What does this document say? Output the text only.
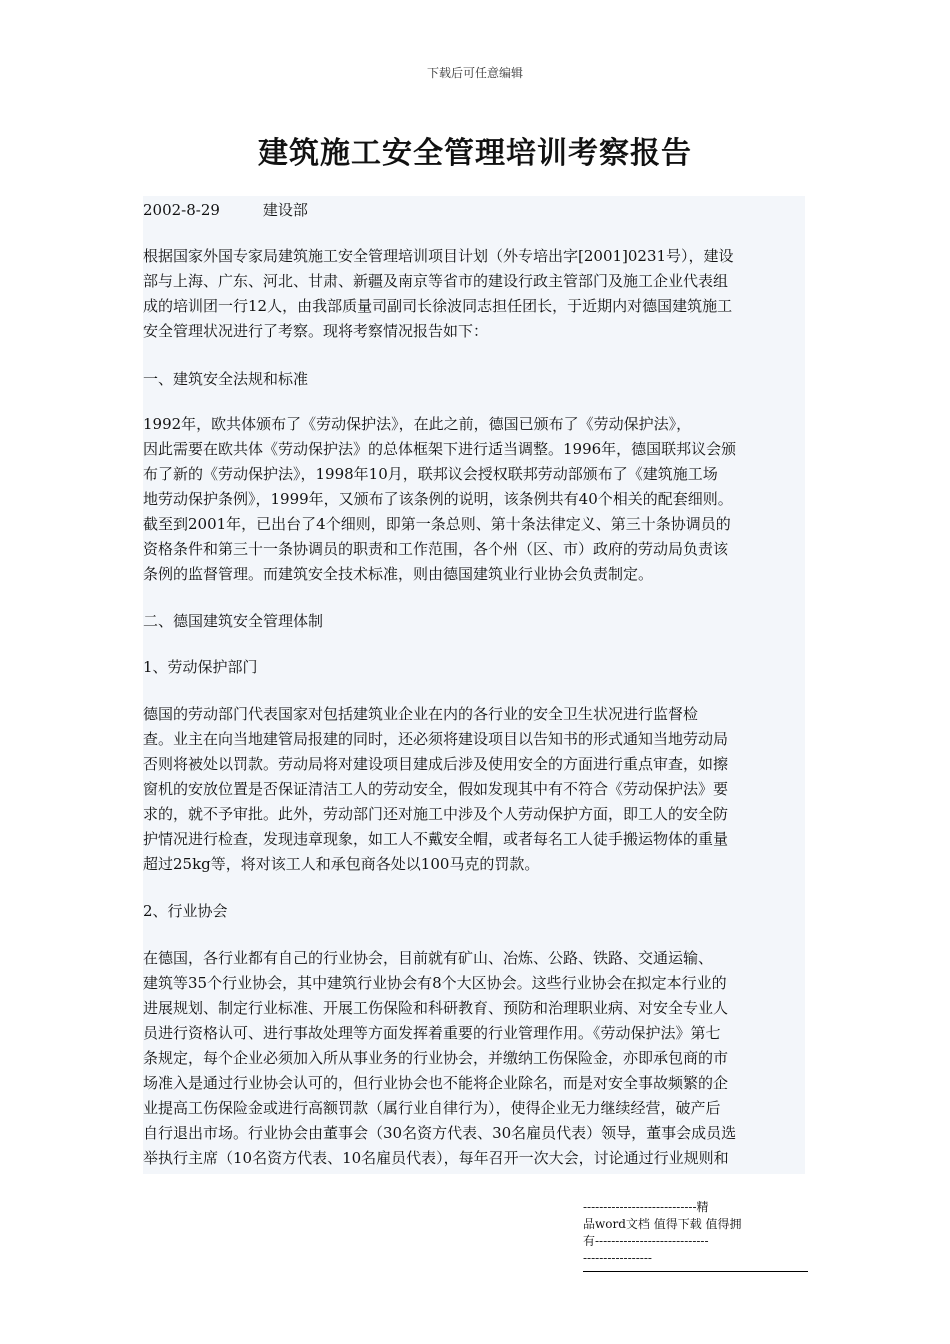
下载后可任意编辑
建筑施工安全管理培训考察报告
2002-8-29         建设部
根据国家外国专家局建筑施工安全管理培训项目计划（外专培出字[2001]0231号），建设
部与上海、广东、河北、甘肃、新疆及南京等省市的建设行政主管部门及施工企业代表组
成的培训团一行12人，由我部质量司副司长徐波同志担任团长，于近期内对德国建筑施工
安全管理状况进行了考察。现将考察情况报告如下：
一、建筑安全法规和标准
1992年，欧共体颁布了《劳动保护法》，在此之前，德国已颁布了《劳动保护法》，
因此需要在欧共体《劳动保护法》的总体框架下进行适当调整。1996年，德国联邦议会颁
布了新的《劳动保护法》，1998年10月，联邦议会授权联邦劳动部颁布了《建筑施工场
地劳动保护条例》，1999年，又颁布了该条例的说明，该条例共有40个相关的配套细则。
截至到2001年，已出台了4个细则，即第一条总则、第十条法律定义、第三十条协调员的
资格条件和第三十一条协调员的职责和工作范围，各个州（区、市）政府的劳动局负责该
条例的监督管理。而建筑安全技术标准，则由德国建筑业行业协会负责制定。
二、德国建筑安全管理体制
1、劳动保护部门
德国的劳动部门代表国家对包括建筑业企业在内的各行业的安全卫生状况进行监督检
查。业主在向当地建管局报建的同时，还必须将建设项目以告知书的形式通知当地劳动局
否则将被处以罚款。劳动局将对建设项目建成后涉及使用安全的方面进行重点审查，如擦
窗机的安放位置是否保证清洁工人的劳动安全，假如发现其中有不符合《劳动保护法》要
求的，就不予审批。此外，劳动部门还对施工中涉及个人劳动保护方面，即工人的安全防
护情况进行检查，发现违章现象，如工人不戴安全帽，或者每名工人徒手搬运物体的重量
超过25kg等，将对该工人和承包商各处以100马克的罚款。
2、行业协会
在德国，各行业都有自己的行业协会，目前就有矿山、冶炼、公路、铁路、交通运输、
建筑等35个行业协会，其中建筑行业协会有8个大区协会。这些行业协会在拟定本行业的
进展规划、制定行业标准、开展工伤保险和科研教育、预防和治理职业病、对安全专业人
员进行资格认可、进行事故处理等方面发挥着重要的行业管理作用。《劳动保护法》第七
条规定，每个企业必须加入所从事业务的行业协会，并缴纳工伤保险金，亦即承包商的市
场准入是通过行业协会认可的，但行业协会也不能将企业除名，而是对安全事故频繁的企
业提高工伤保险金或进行高额罚款（属行业自律行为），使得企业无力继续经营，破产后
自行退出市场。行业协会由董事会（30名资方代表、30名雇员代表）领导，董事会成员选
举执行主席（10名资方代表、10名雇员代表），每年召开一次大会，讨论通过行业规则和
----------------------------精
品word文档 值得下载 值得拥
有----------------------------
-----------------
